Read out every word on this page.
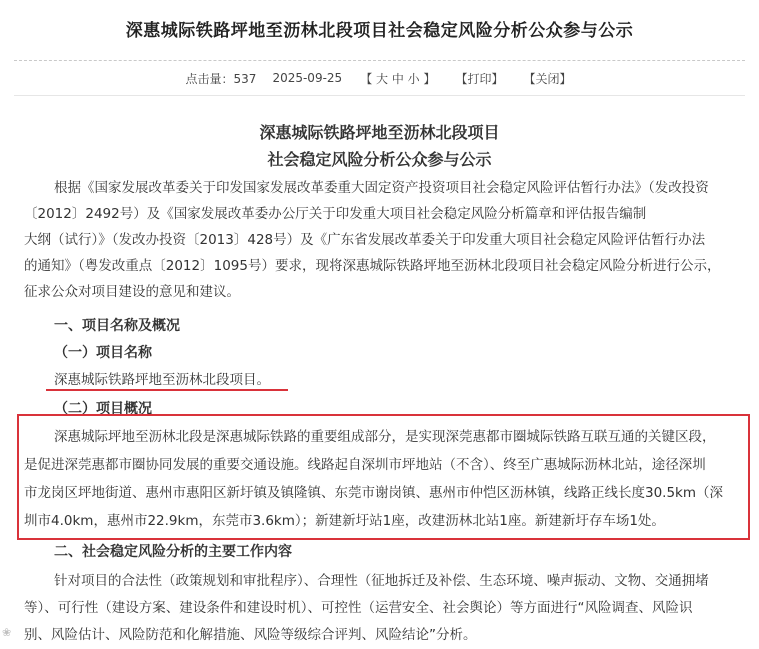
深惠城际铁路坪地至沥林北段项目社会稳定风险分析公众参与公示
点击量：537 2025-09-25 【 大 中 小 】 【打印】 【关闭】
深惠城际铁路坪地至沥林北段项目
社会稳定风险分析公众参与公示
根据《国家发展改革委关于印发国家发展改革委重大固定资产投资项目社会稳定风险评估暂行办法》（发改投资
〔2012〕2492号）及《国家发展改革委办公厅关于印发重大项目社会稳定风险分析篇章和评估报告编制
大纲（试行）》（发改办投资〔2013〕428号）及《广东省发展改革委关于印发重大项目社会稳定风险评估暂行办法
的通知》（粤发改重点〔2012〕1095号）要求，现将深惠城际铁路坪地至沥林北段项目社会稳定风险分析进行公示，
征求公众对项目建设的意见和建议。
一、项目名称及概况
（一）项目名称
深惠城际铁路坪地至沥林北段项目。
（二）项目概况
深惠城际坪地至沥林北段是深惠城际铁路的重要组成部分，是实现深莞惠都市圈城际铁路互联互通的关键区段，
是促进深莞惠都市圈协同发展的重要交通设施。线路起自深圳市坪地站（不含）、终至广惠城际沥林北站，途径深圳
市龙岗区坪地街道、惠州市惠阳区新圩镇及镇隆镇、东莞市谢岗镇、惠州市仲恺区沥林镇，线路正线长度30.5km（深
圳市4.0km，惠州市22.9km，东莞市3.6km）；新建新圩站1座，改建沥林北站1座。新建新圩存车场1处。
二、社会稳定风险分析的主要工作内容
针对项目的合法性（政策规划和审批程序）、合理性（征地拆迁及补偿、生态环境、噪声振动、文物、交通拥堵
等）、可行性（建设方案、建设条件和建设时机）、可控性（运营安全、社会舆论）等方面进行“风险调查、风险识
别、风险估计、风险防范和化解措施、风险等级综合评判、风险结论”分析。
❀
